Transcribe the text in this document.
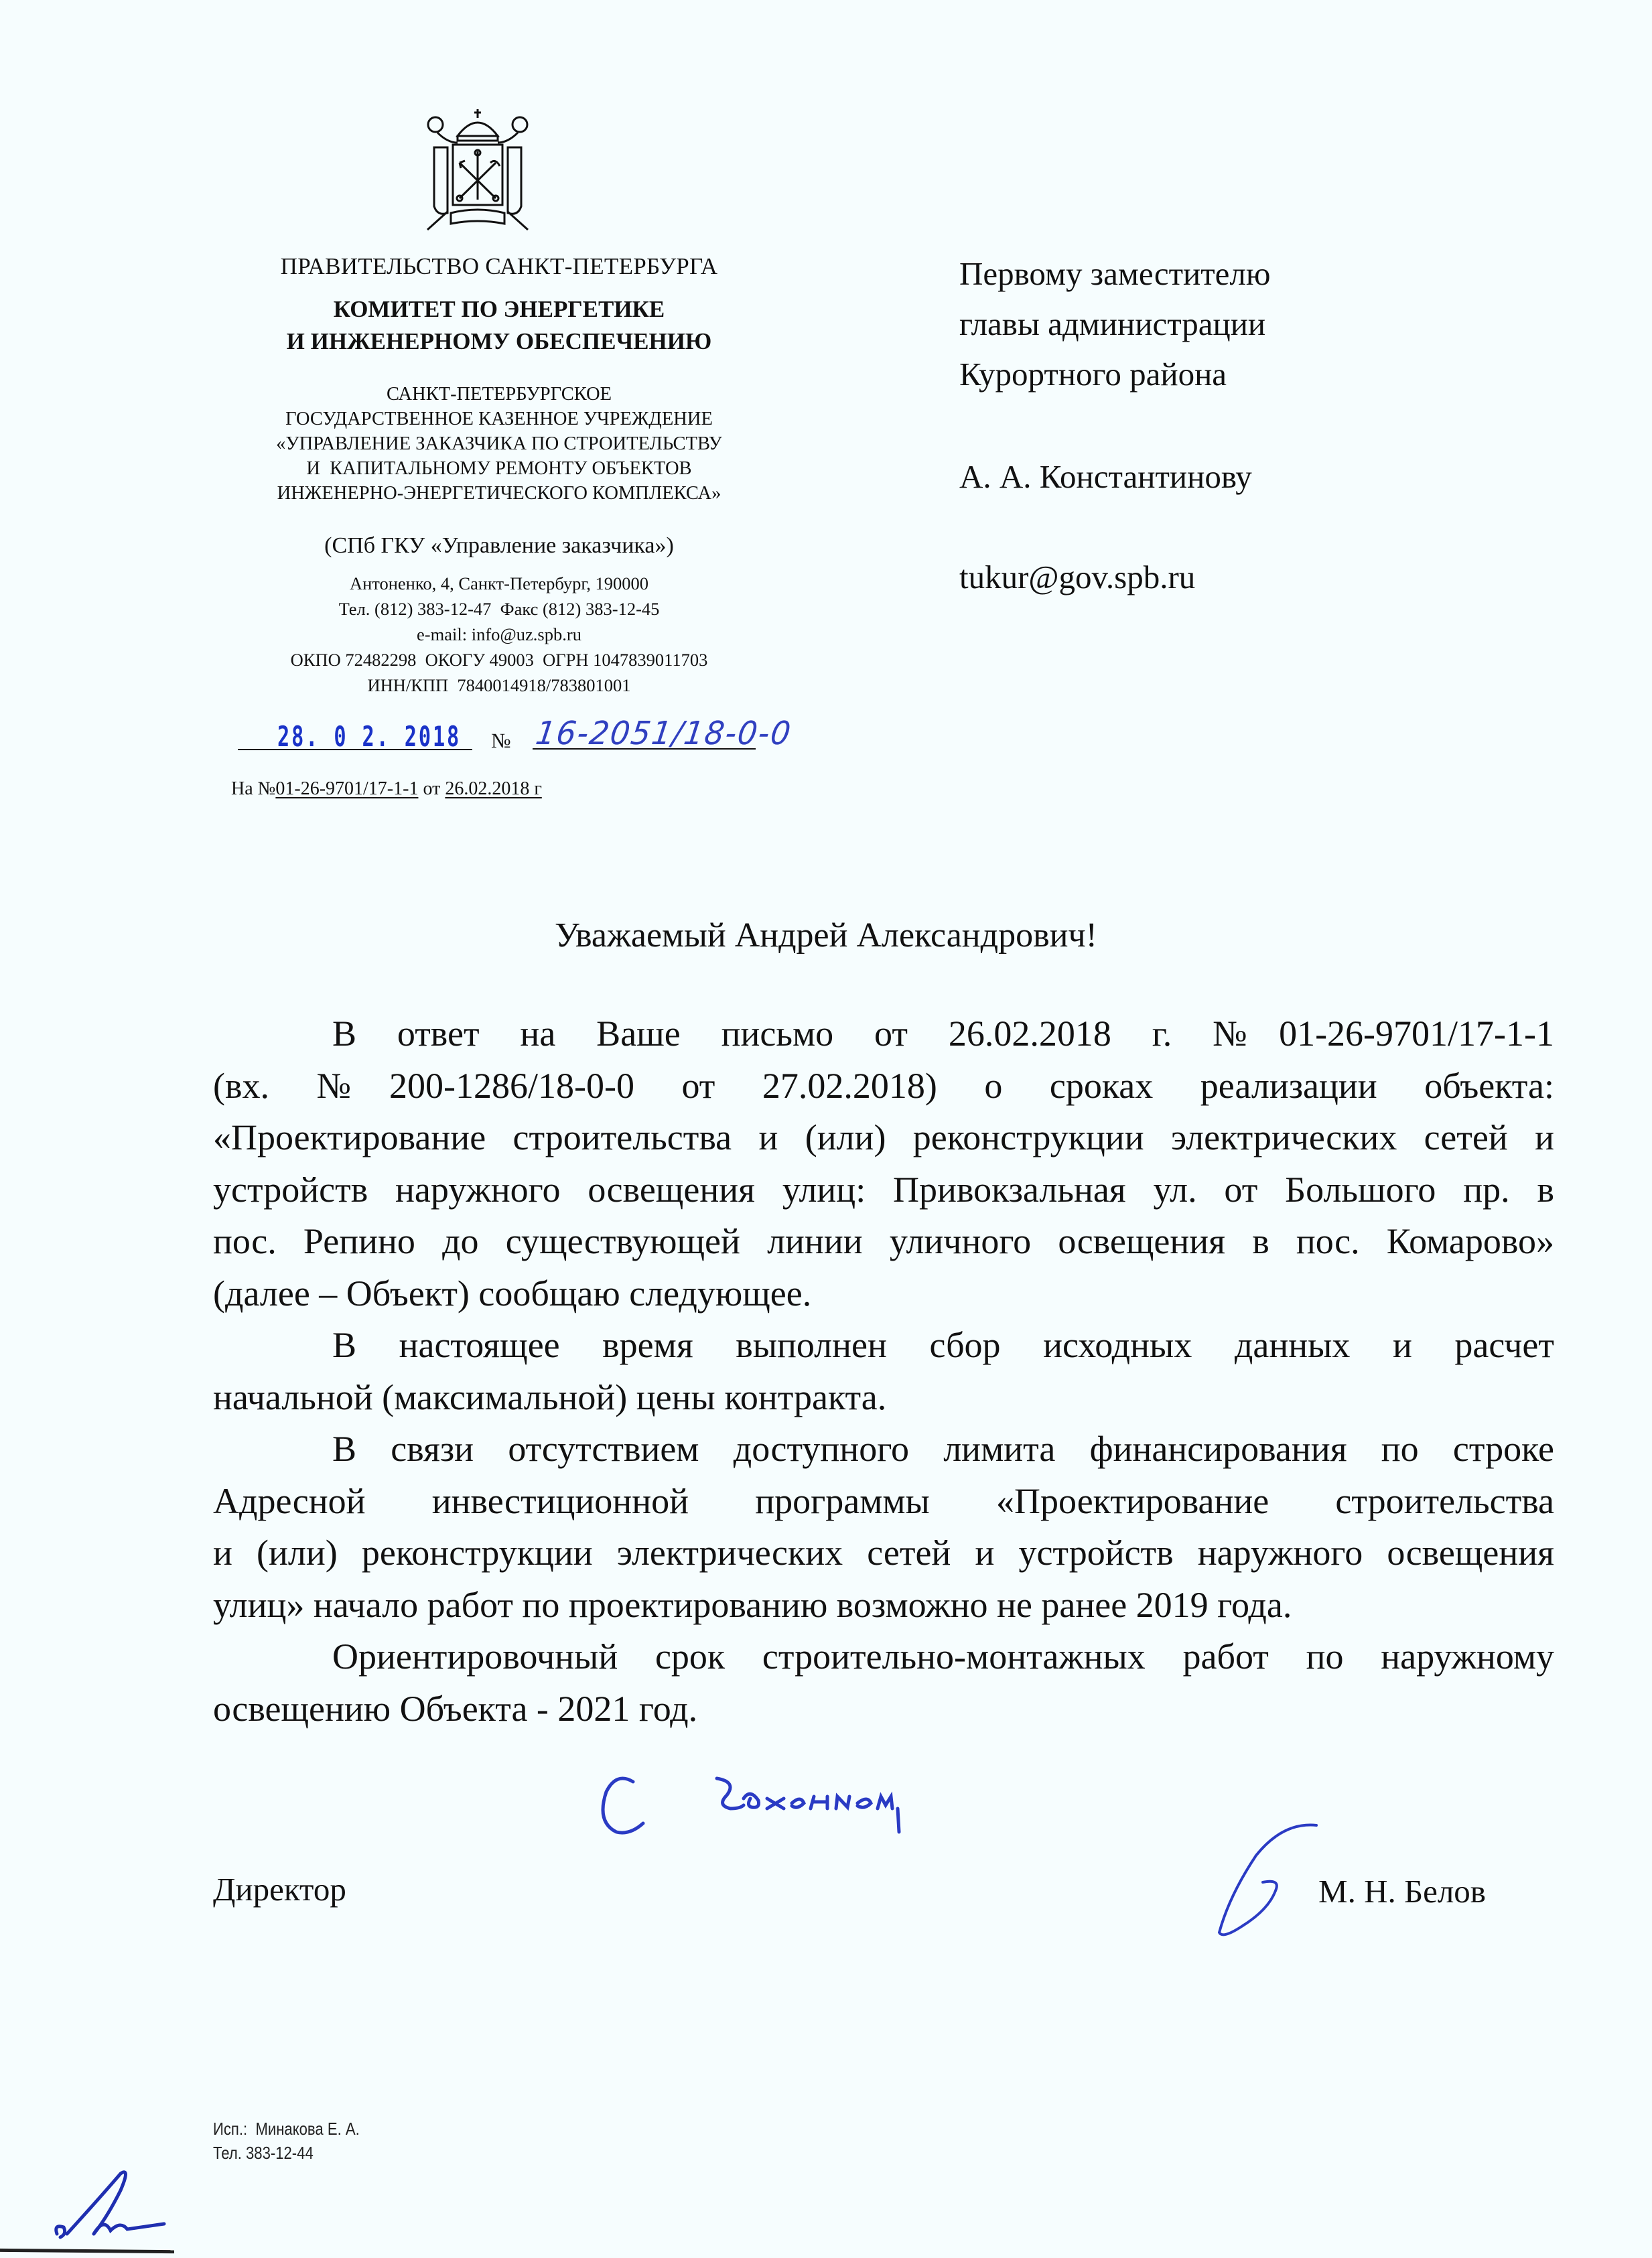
ПРАВИТЕЛЬСТВО САНКТ-ПЕТЕРБУРГА
КОМИТЕТ ПО ЭНЕРГЕТИКЕ
И ИНЖЕНЕРНОМУ ОБЕСПЕЧЕНИЮ
САНКТ-ПЕТЕРБУРГСКОЕ
ГОСУДАРСТВЕННОЕ КАЗЕННОЕ УЧРЕЖДЕНИЕ
«УПРАВЛЕНИЕ ЗАКАЗЧИКА ПО СТРОИТЕЛЬСТВУ
И  КАПИТАЛЬНОМУ РЕМОНТУ ОБЪЕКТОВ
ИНЖЕНЕРНО-ЭНЕРГЕТИЧЕСКОГО КОМПЛЕКСА»
(СПб ГКУ «Управление заказчика»)
Антоненко, 4, Санкт-Петербург, 190000
Тел. (812) 383-12-47  Факс (812) 383-12-45
e-mail: info@uz.spb.ru
ОКПО 72482298  ОКОГУ 49003  ОГРН 1047839011703
ИНН/КПП  7840014918/783801001
28. 0 2. 2018 № 16-2051/18-0-0
На №01-26-9701/17-1-1 от 26.02.2018 г
Первому заместителю
главы администрации
Курортного района
А. А. Константинову
tukur@gov.spb.ru
Уважаемый Андрей Александрович!

В ответ на Ваше письмо от 26.02.2018 г. №01-26-9701/17-1-1
(вх. №200-1286/18-0-0 от 27.02.2018) о сроках реализации объекта:
«Проектирование строительства и (или) реконструкции электрических сетей и
устройств наружного освещения улиц: Привокзальная ул. от Большого пр. в
пос. Репино до существующей линии уличного освещения в пос. Комарово»
(далее – Объект) сообщаю следующее.

В настоящее время выполнен сбор исходных данных и расчет
начальной (максимальной) цены контракта.

В связи отсутствием доступного лимита финансирования по строке
Адресной инвестиционной программы «Проектирование строительства
и (или) реконструкции электрических сетей и устройств наружного освещения
улиц» начало работ по проектированию возможно не ранее 2019 года.

Ориентировочный срок строительно-монтажных работ по наружному
освещению Объекта - 2021 год.

Директор	М. Н. Белов
Исп.:  Минакова Е. А.
Тел. 383-12-44
